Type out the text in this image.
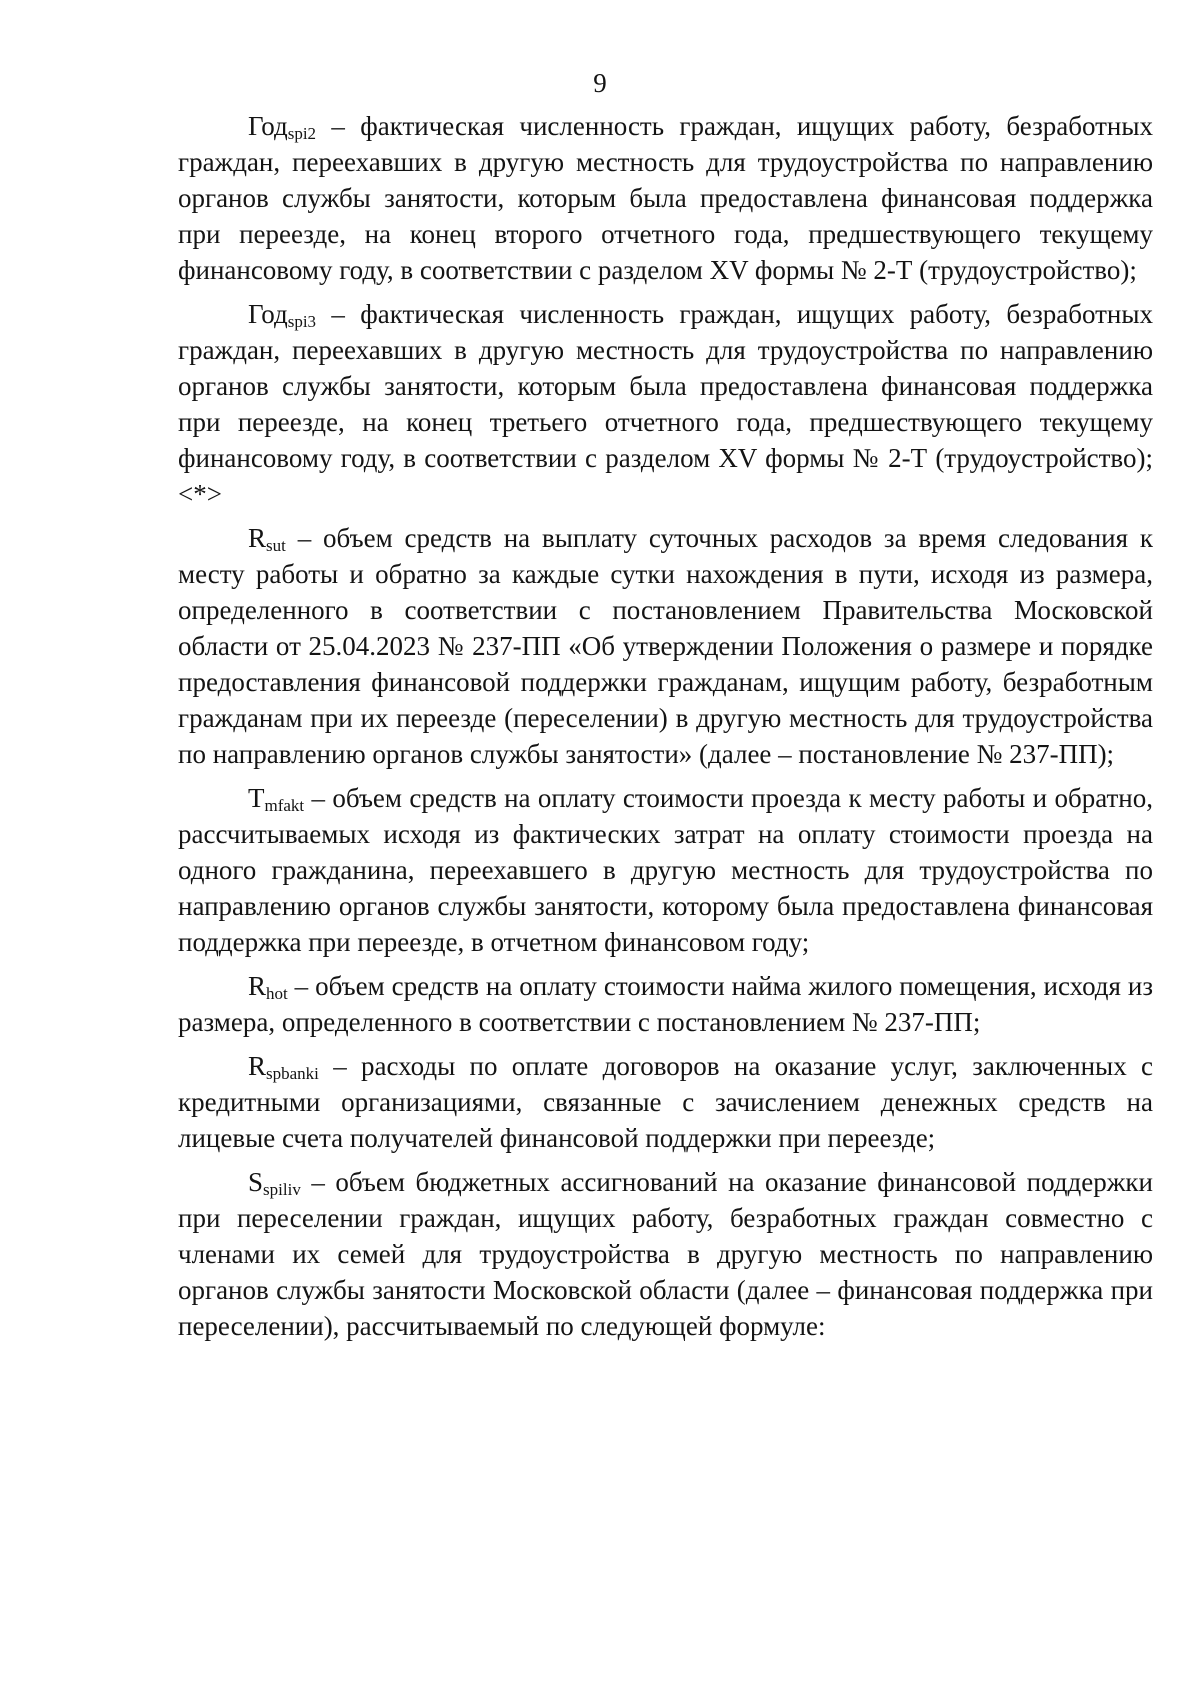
9

Год$_{spi2}$ – фактическая численность граждан, ищущих работу, безработных граждан, переехавших в другую местность для трудоустройства по направлению органов службы занятости, которым была предоставлена финансовая поддержка при переезде, на конец второго отчетного года, предшествующего текущему финансовому году, в соответствии с разделом XV формы № 2-Т (трудоустройство);

Год$_{spi3}$ – фактическая численность граждан, ищущих работу, безработных граждан, переехавших в другую местность для трудоустройства по направлению органов службы занятости, которым была предоставлена финансовая поддержка при переезде, на конец третьего отчетного года, предшествующего текущему финансовому году, в соответствии с разделом XV формы № 2-Т (трудоустройство); <*>

$R_{sut}$ – объем средств на выплату суточных расходов за время следования к месту работы и обратно за каждые сутки нахождения в пути, исходя из размера, определенного в соответствии с постановлением Правительства Московской области от 25.04.2023 № 237-ПП «Об утверждении Положения о размере и порядке предоставления финансовой поддержки гражданам, ищущим работу, безработным гражданам при их переезде (переселении) в другую местность для трудоустройства по направлению органов службы занятости» (далее – постановление № 237-ПП);

$T_{mfakt}$ – объем средств на оплату стоимости проезда к месту работы и обратно, рассчитываемых исходя из фактических затрат на оплату стоимости проезда на одного гражданина, переехавшего в другую местность для трудоустройства по направлению органов службы занятости, которому была предоставлена финансовая поддержка при переезде, в отчетном финансовом году;

$R_{hot}$ – объем средств на оплату стоимости найма жилого помещения, исходя из размера, определенного в соответствии с постановлением № 237-ПП;

$R_{spbanki}$ – расходы по оплате договоров на оказание услуг, заключенных с кредитными организациями, связанные с зачислением денежных средств на лицевые счета получателей финансовой поддержки при переезде;

$S_{spiliv}$ – объем бюджетных ассигнований на оказание финансовой поддержки при переселении граждан, ищущих работу, безработных граждан совместно с членами их семей для трудоустройства в другую местность по направлению органов службы занятости Московской области (далее – финансовая поддержка при переселении), рассчитываемый по следующей формуле:
